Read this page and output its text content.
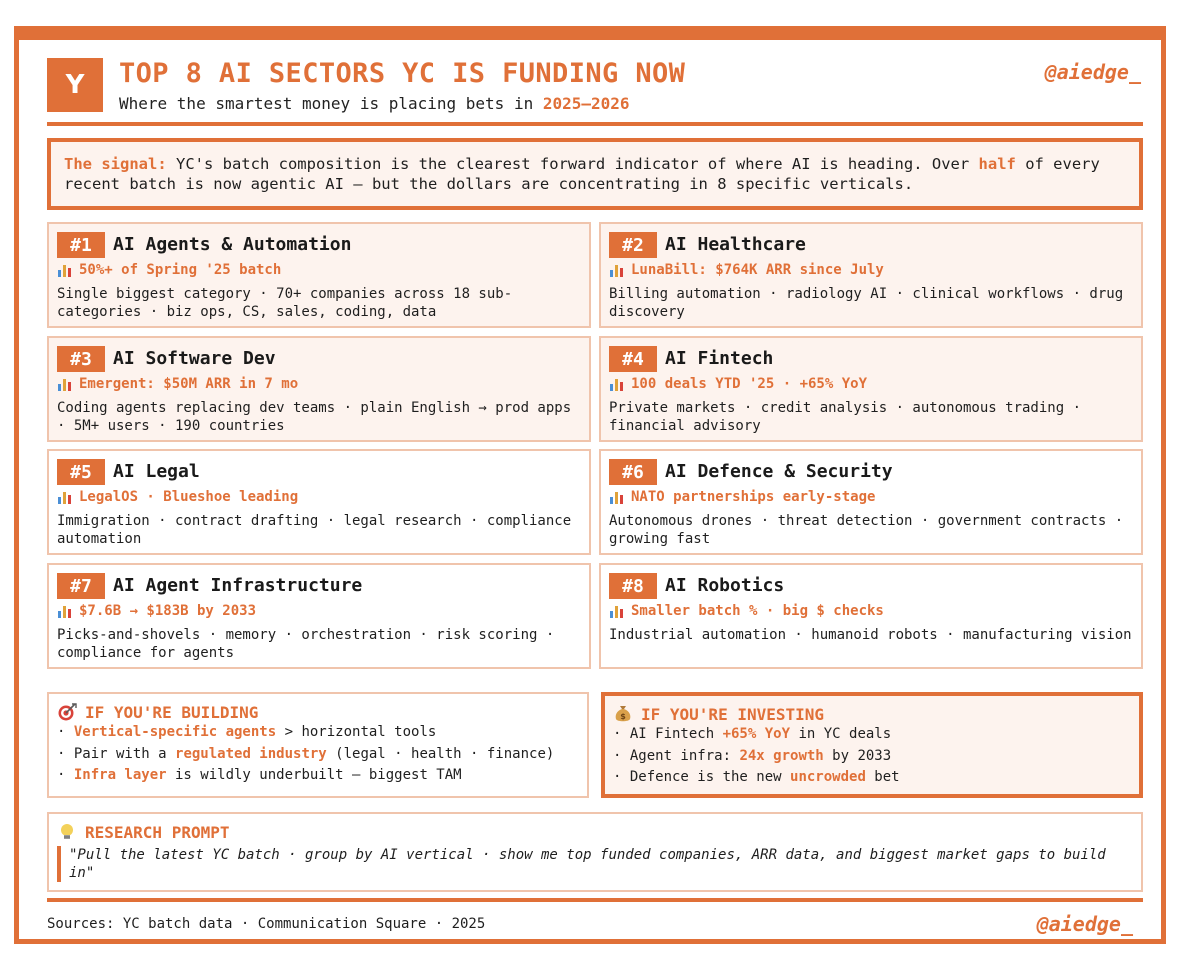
Y	TOP 8 AI SECTORS YC IS FUNDING NOW
Where the smartest money is placing bets in 2025–2026
@aiedge_
The signal: YC's batch composition is the clearest forward indicator of where AI is heading. Over half of every recent batch is now agentic AI — but the dollars are concentrating in 8 specific verticals.
#1	AI Agents & Automation
50%+ of Spring '25 batch
Single biggest category · 70+ companies across 18 sub-categories · biz ops, CS, sales, coding, data
#2	AI Healthcare
LunaBill: $764K ARR since July
Billing automation · radiology AI · clinical workflows · drug discovery
#3	AI Software Dev
Emergent: $50M ARR in 7 mo
Coding agents replacing dev teams · plain English → prod apps · 5M+ users · 190 countries
#4	AI Fintech
100 deals YTD '25 · +65% YoY
Private markets · credit analysis · autonomous trading · financial advisory
#5	AI Legal
LegalOS · Blueshoe leading
Immigration · contract drafting · legal research · compliance automation
#6	AI Defence & Security
NATO partnerships early-stage
Autonomous drones · threat detection · government contracts · growing fast
#7	AI Agent Infrastructure
$7.6B → $183B by 2033
Picks-and-shovels · memory · orchestration · risk scoring · compliance for agents
#8	AI Robotics
Smaller batch % · big $ checks
Industrial automation · humanoid robots · manufacturing vision
IF YOU'RE BUILDING
· Vertical-specific agents > horizontal tools
· Pair with a regulated industry (legal · health · finance)
· Infra layer is wildly underbuilt — biggest TAM
$ IF YOU'RE INVESTING
· AI Fintech +65% YoY in YC deals
· Agent infra: 24x growth by 2033
· Defence is the new uncrowded bet
RESEARCH PROMPT
"Pull the latest YC batch · group by AI vertical · show me top funded companies, ARR data, and biggest market gaps to build in"
Sources: YC batch data · Communication Square · 2025	@aiedge_
